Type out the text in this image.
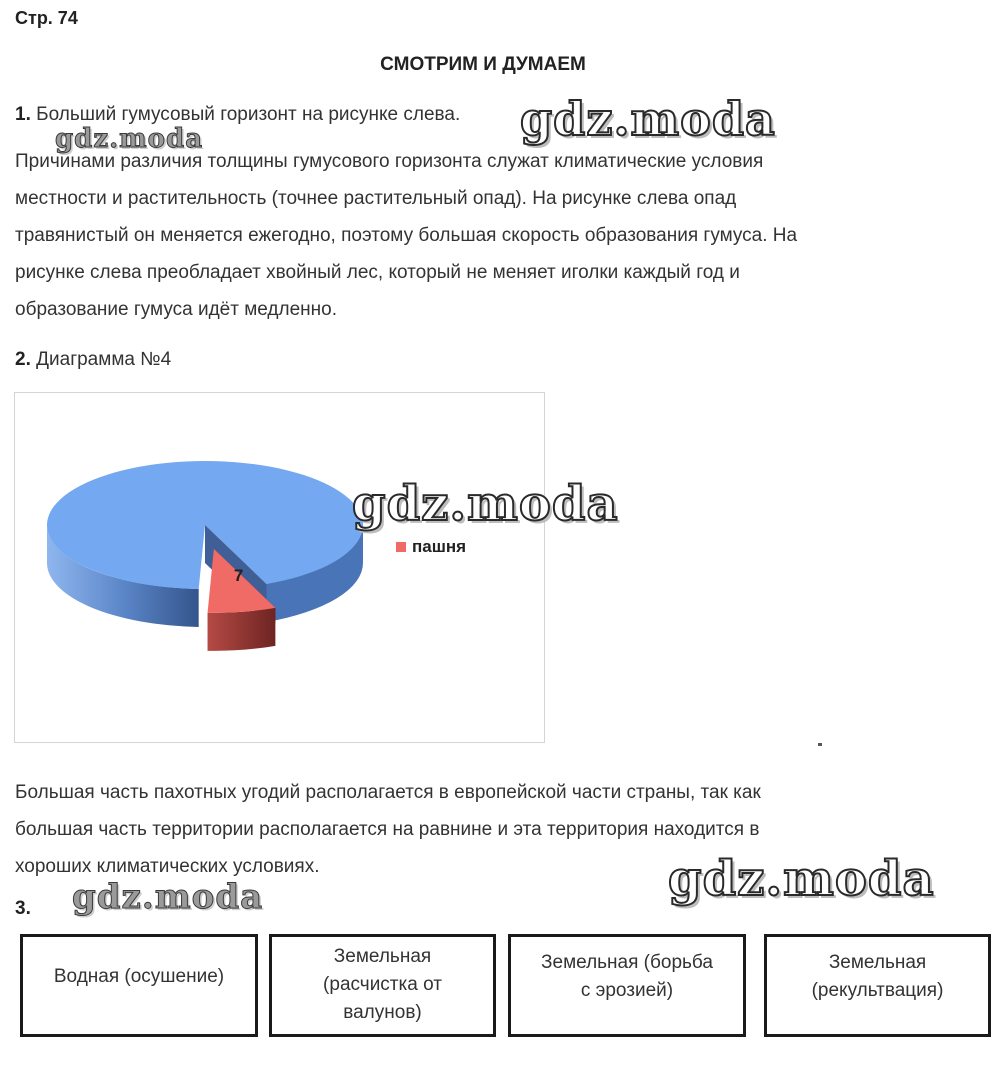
Стр. 74
СМОТРИМ И ДУМАЕМ
1. Больший гумусовый горизонт на рисунке слева.
Причинами различия толщины гумусового горизонта служат климатические условия
местности и растительность (точнее растительный опад). На рисунке слева опад
травянистый он меняется ежегодно, поэтому большая скорость образования гумуса. На
рисунке слева преобладает хвойный лес, который не меняет иголки каждый год и
образование гумуса идёт медленно.
2. Диаграмма №4
7
пашня
Большая часть пахотных угодий располагается в европейской части страны, так как
большая часть территории располагается на равнине и эта территория находится в
хороших климатических условиях.
3.
Водная (осушение)
Земельная
(расчистка от
валунов)
Земельная (борьба
с эрозией)
Земельная
(рекультвация)
gdz.moda
gdz.moda
gdz.moda
gdz.moda
gdz.moda
